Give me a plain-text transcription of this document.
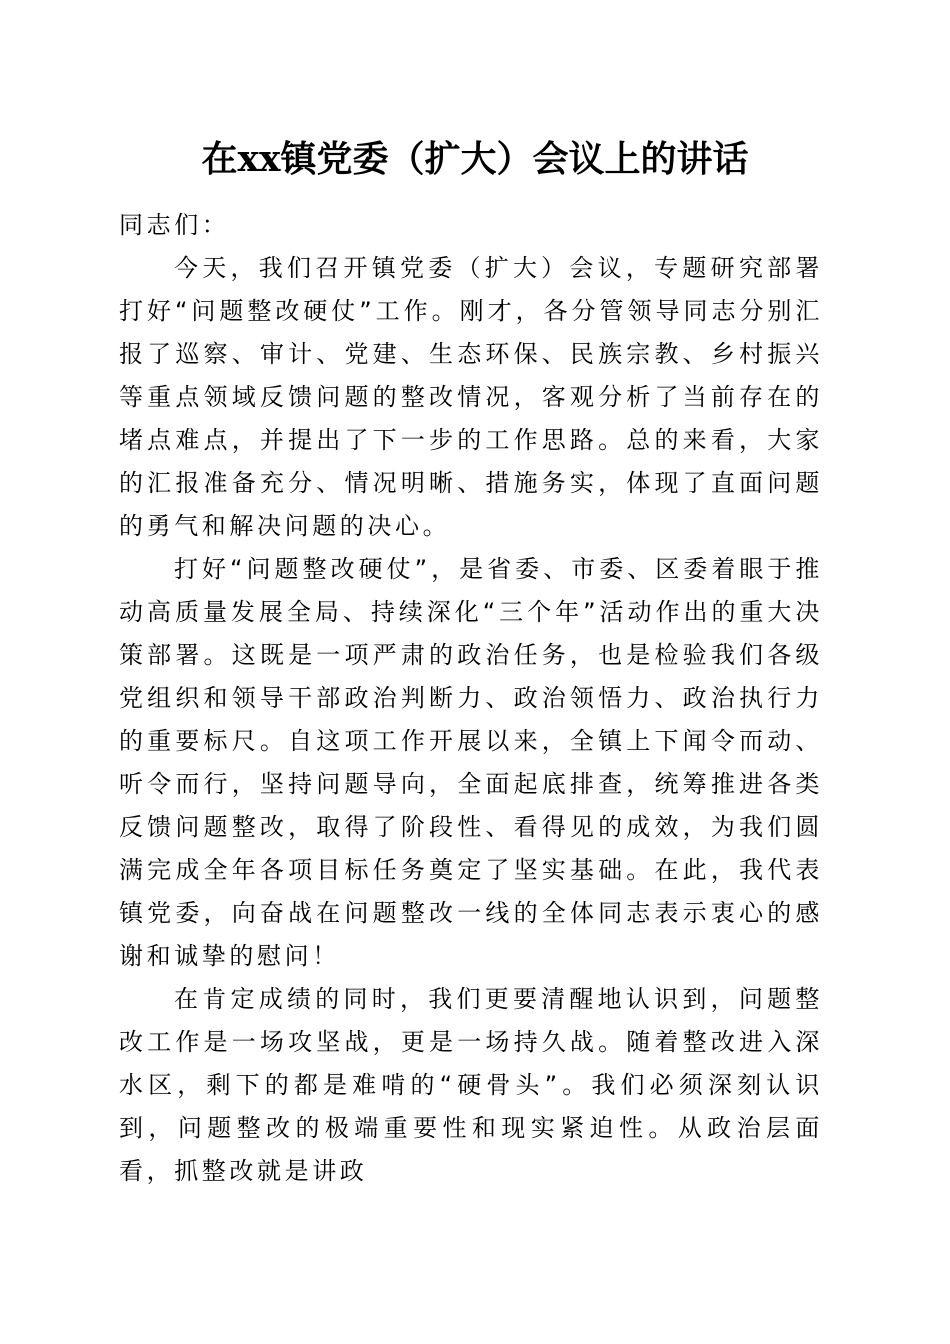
在xx镇党委（扩大）会议上的讲话

同志们：

今天，我们召开镇党委（扩大）会议，专题研究部署打好“问题整改硬仗”工作。刚才，各分管领导同志分别汇报了巡察、审计、党建、生态环保、民族宗教、乡村振兴等重点领域反馈问题的整改情况，客观分析了当前存在的堵点难点，并提出了下一步的工作思路。总的来看，大家的汇报准备充分、情况明晰、措施务实，体现了直面问题的勇气和解决问题的决心。

打好“问题整改硬仗”，是省委、市委、区委着眼于推动高质量发展全局、持续深化“三个年”活动作出的重大决策部署。这既是一项严肃的政治任务，也是检验我们各级党组织和领导干部政治判断力、政治领悟力、政治执行力的重要标尺。自这项工作开展以来，全镇上下闻令而动、听令而行，坚持问题导向，全面起底排查，统筹推进各类反馈问题整改，取得了阶段性、看得见的成效，为我们圆满完成全年各项目标任务奠定了坚实基础。在此，我代表镇党委，向奋战在问题整改一线的全体同志表示衷心的感谢和诚挚的慰问！

在肯定成绩的同时，我们更要清醒地认识到，问题整改工作是一场攻坚战，更是一场持久战。随着整改进入深水区，剩下的都是难啃的“硬骨头”。我们必须深刻认识到，问题整改的极端重要性和现实紧迫性。从政治层面看，抓整改就是讲政
